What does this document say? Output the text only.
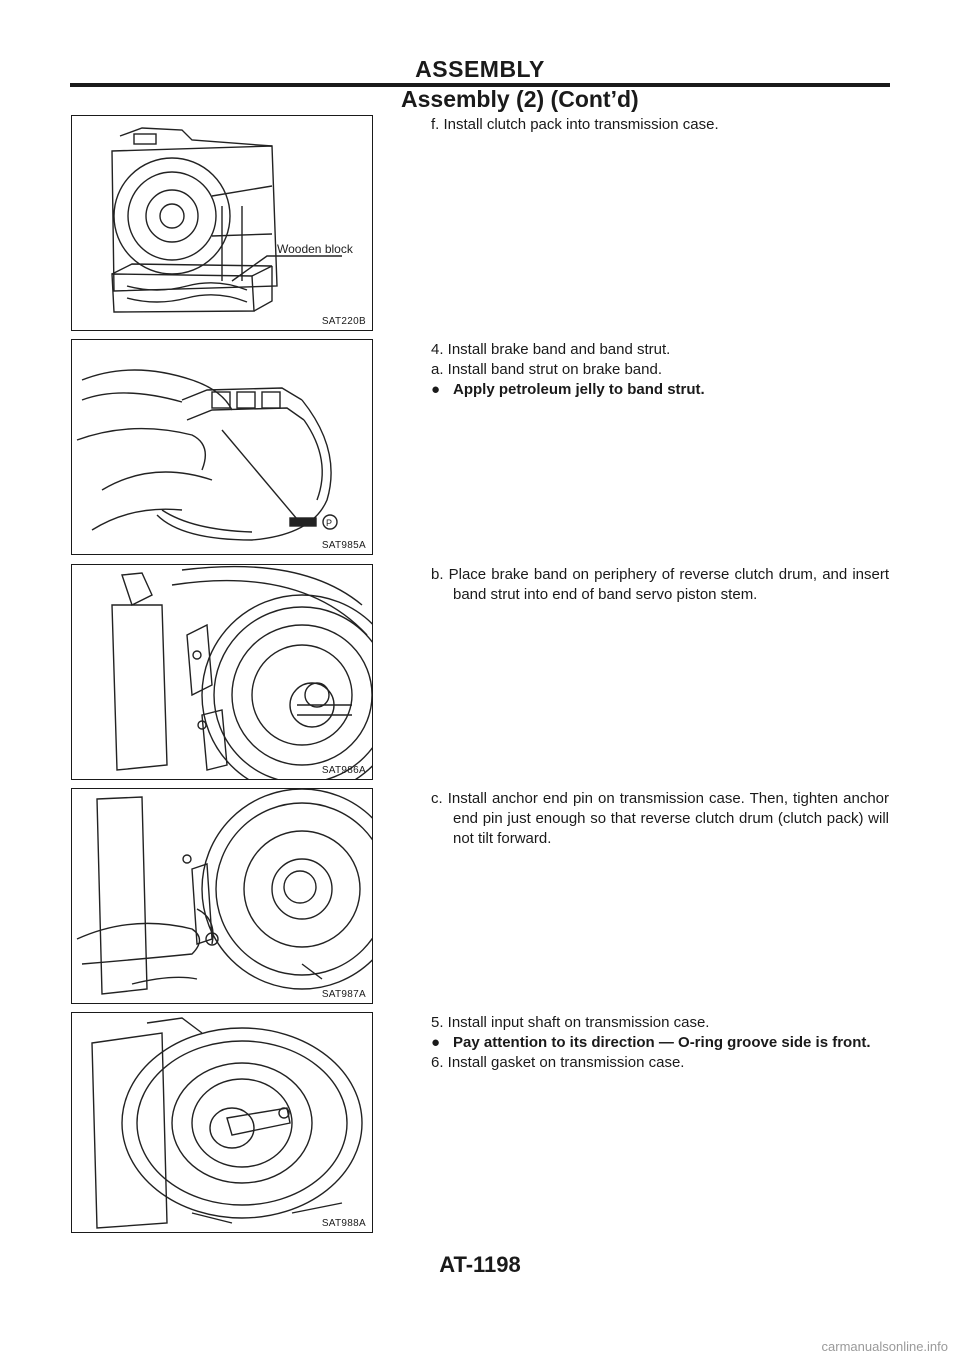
ASSEMBLY
Assembly (2) (Cont’d)
Wooden block
SAT220B
P
SAT985A
SAT986A
SAT987A
SAT988A

f. Install clutch pack into transmission case.

4. Install brake band and band strut.

a. Install band strut on brake band.

● Apply petroleum jelly to band strut.

b. Place brake band on periphery of reverse clutch drum, and insert band strut into end of band servo piston stem.

c. Install anchor end pin on transmission case. Then, tighten anchor end pin just enough so that reverse clutch drum (clutch pack) will not tilt forward.

5. Install input shaft on transmission case.

● Pay attention to its direction — O-ring groove side is front.

6. Install gasket on transmission case.

AT-1198
carmanualsonline.info
